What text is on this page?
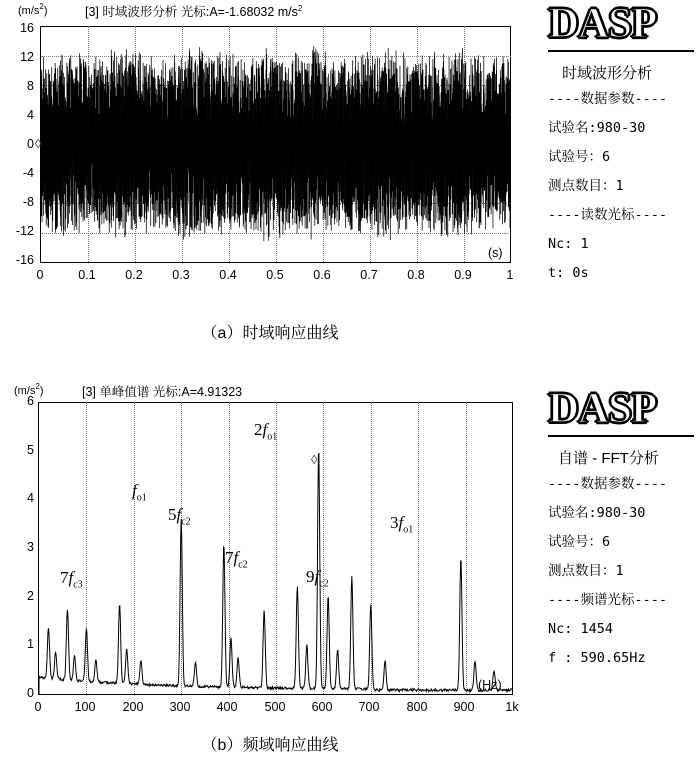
$(m/s^2)$	[3] 时域波形分析 光标:A=-1.68032 $m/s^2$
16
12
8
4
0
-4
-8
-12
-16
◊
0	0.1 0.2 0.3 0.4 0.5 0.6 0.7 0.8 0.9	1
(s)
（a）时域响应曲线
DASP
时域波形分析
----数据参数----
试验名:980-30
试验号：6
测点数目：1
----读数光标----
Nc: 1
t: 0s
$(m/s^2)$	[3] 单峰值谱 光标:A=4.91323
6
5
4
3
2
1
0
◊
$7f_{c3}$
$f_{o1}$
$5f_{c2}$
$7f_{c2}$
$2f_{o1}$
$9f_{c2}$
$3f_{o1}$
0	100 200 300 400 500 600 700 800 900	1k
(Hz)
（b）频域响应曲线
DASP
自谱 - FFT分析
----数据参数----
试验名:980-30
试验号：6
测点数目：1
----频谱光标----
Nc: 1454
f : 590.65Hz
